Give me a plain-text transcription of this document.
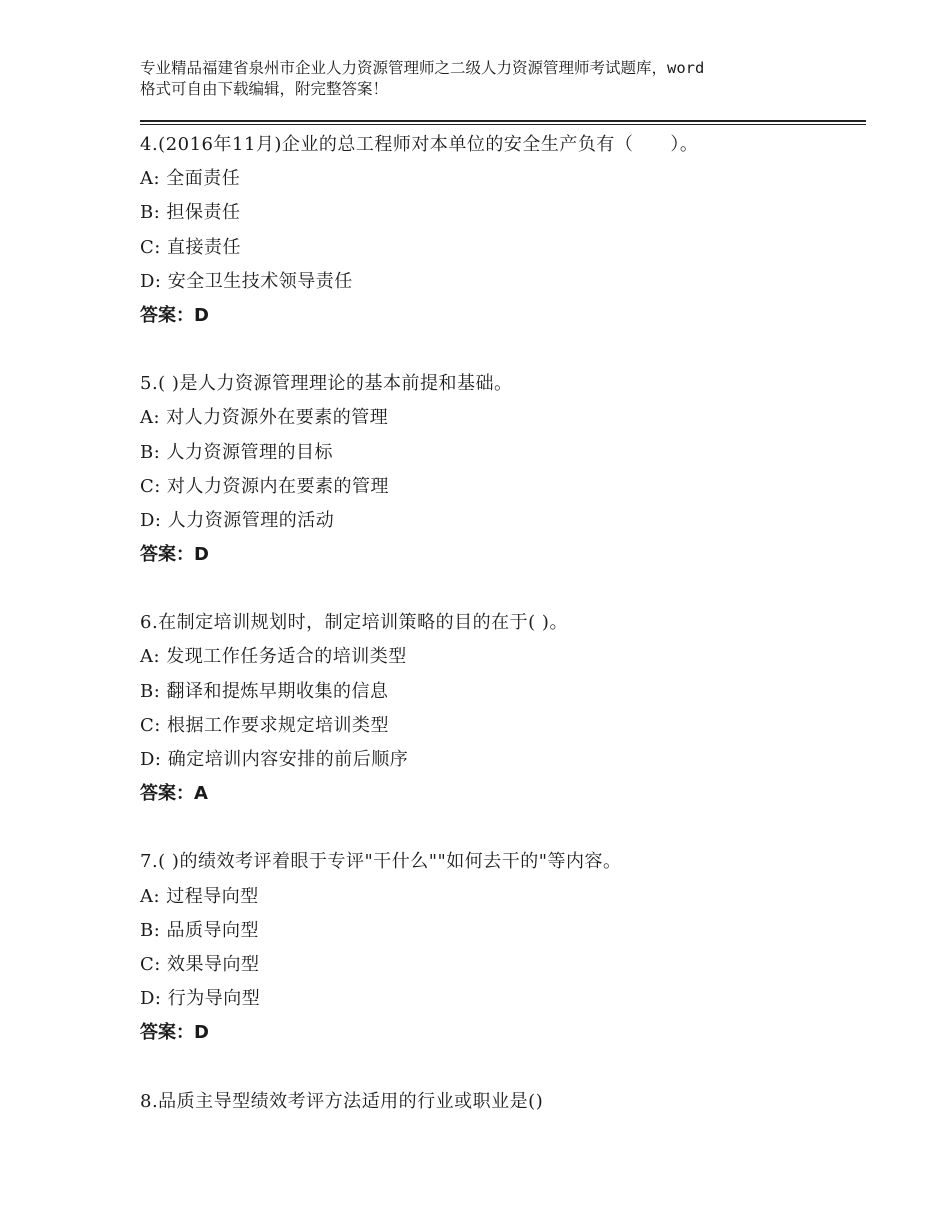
专业精品福建省泉州市企业人力资源管理师之二级人力资源管理师考试题库，word
格式可自由下载编辑，附完整答案！
4.(2016年11月)企业的总工程师对本单位的安全生产负有（　　）。
A: 全面责任
B: 担保责任
C: 直接责任
D: 安全卫生技术领导责任
答案：D
5.( )是人力资源管理理论的基本前提和基础。
A: 对人力资源外在要素的管理
B: 人力资源管理的目标
C: 对人力资源内在要素的管理
D: 人力资源管理的活动
答案：D
6.在制定培训规划时，制定培训策略的目的在于( )。
A: 发现工作任务适合的培训类型
B: 翻译和提炼早期收集的信息
C: 根据工作要求规定培训类型
D: 确定培训内容安排的前后顺序
答案：A
7.( )的绩效考评着眼于专评"干什么""如何去干的"等内容。
A: 过程导向型
B: 品质导向型
C: 效果导向型
D: 行为导向型
答案：D
8.品质主导型绩效考评方法适用的行业或职业是()
